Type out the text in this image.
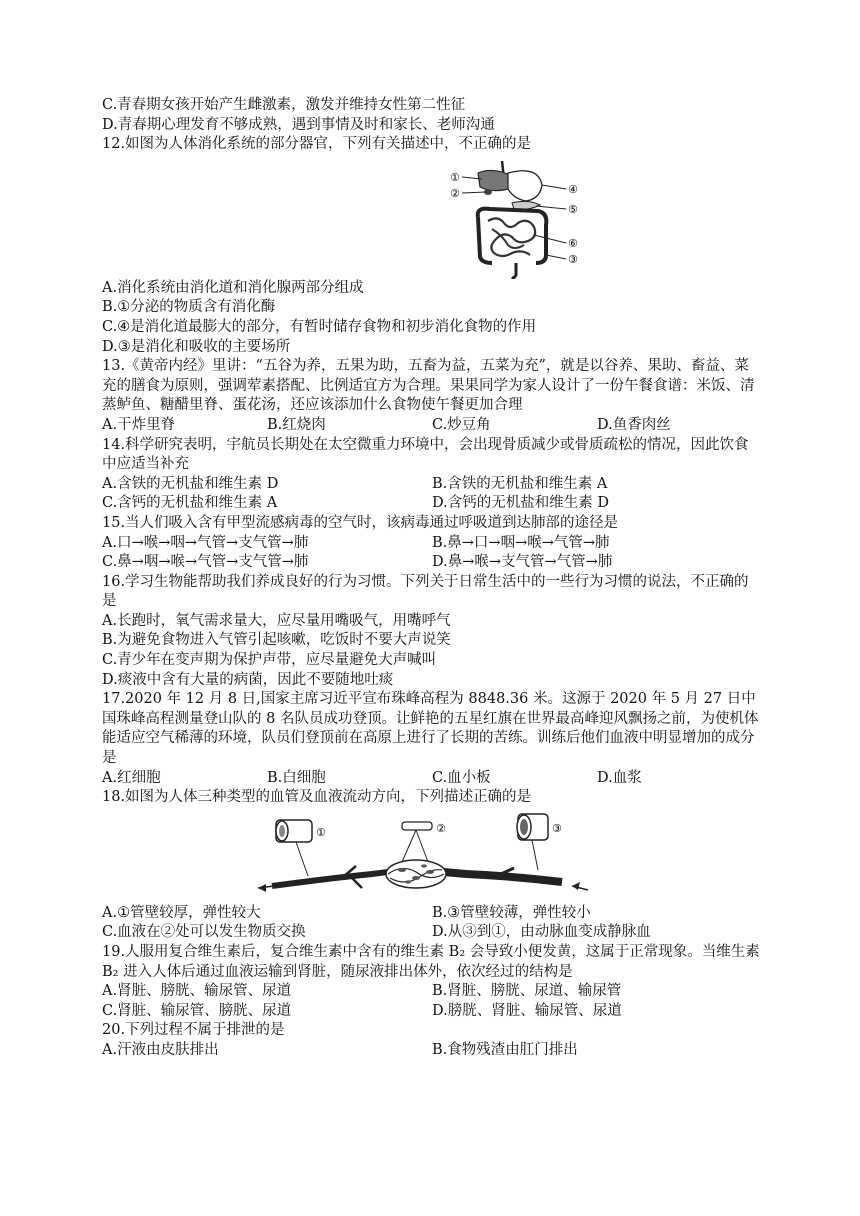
C.青春期女孩开始产生雌激素，激发并维持女性第二性征
D.青春期心理发育不够成熟，遇到事情及时和家长、老师沟通
12.如图为人体消化系统的部分器官，下列有关描述中，不正确的是
①
②	④
⑤
⑥
③
A.消化系统由消化道和消化腺两部分组成
B.①分泌的物质含有消化酶
C.④是消化道最膨大的部分，有暂时储存食物和初步消化食物的作用
D.③是消化和吸收的主要场所
13.《黄帝内经》里讲：“五谷为养，五果为助，五畜为益，五菜为充”，就是以谷养、果助、畜益、菜充的膳食为原则，强调荤素搭配、比例适宜方为合理。果果同学为家人设计了一份午餐食谱：米饭、清蒸鲈鱼、糖醋里脊、蛋花汤，还应该添加什么食物使午餐更加合理
A.干炸里脊	B.红烧肉	C.炒豆角	D.鱼香肉丝
14.科学研究表明，宇航员长期处在太空微重力环境中，会出现骨质减少或骨质疏松的情况，因此饮食中应适当补充
A.含铁的无机盐和维生素 D	B.含铁的无机盐和维生素 A
C.含钙的无机盐和维生素 A	D.含钙的无机盐和维生素 D
15.当人们吸入含有甲型流感病毒的空气时，该病毒通过呼吸道到达肺部的途径是
A.口→喉→咽→气管→支气管→肺	B.鼻→口→咽→喉→气管→肺
C.鼻→咽→喉→气管→支气管→肺	D.鼻→喉→支气管→气管→肺
16.学习生物能帮助我们养成良好的行为习惯。下列关于日常生活中的一些行为习惯的说法，不正确的是
A.长跑时，氧气需求量大，应尽量用嘴吸气，用嘴呼气
B.为避免食物进入气管引起咳嗽，吃饭时不要大声说笑
C.青少年在变声期为保护声带，应尽量避免大声喊叫
D.痰液中含有大量的病菌，因此不要随地吐痰
17.2020 年 12 月 8 日,国家主席习近平宣布珠峰高程为 8848.36 米。这源于 2020 年 5 月 27 日中国珠峰高程测量登山队的 8 名队员成功登顶。让鲜艳的五星红旗在世界最高峰迎风飘扬之前，为使机体能适应空气稀薄的环境，队员们登顶前在高原上进行了长期的苦练。训练后他们血液中明显增加的成分是
A.红细胞	B.白细胞	C.血小板	D.血浆
18.如图为人体三种类型的血管及血液流动方向，下列描述正确的是
①	②	③
A.①管壁较厚，弹性较大	B.③管壁较薄，弹性较小
C.血液在②处可以发生物质交换	D.从③到①，由动脉血变成静脉血
19.人服用复合维生素后，复合维生素中含有的维生素 B₂ 会导致小便发黄，这属于正常现象。当维生素 B₂ 进入人体后通过血液运输到肾脏，随尿液排出体外，依次经过的结构是
A.肾脏、膀胱、输尿管、尿道	B.肾脏、膀胱、尿道、输尿管
C.肾脏、输尿管、膀胱、尿道	D.膀胱、肾脏、输尿管、尿道
20.下列过程不属于排泄的是
A.汗液由皮肤排出	B.食物残渣由肛门排出
